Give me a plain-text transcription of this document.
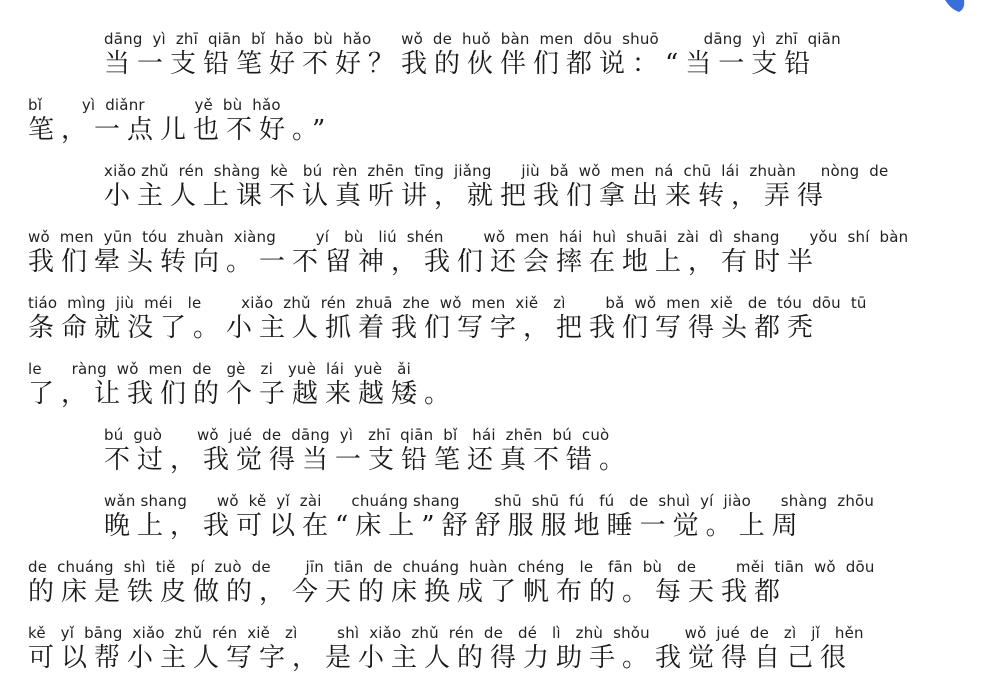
dāng  yì  zhī  qiān  bǐ  hǎo  bù  hǎo      wǒ  de  huǒ  bàn  men  dōu  shuō         dāng  yì  zhī  qiān
当一支铅笔好不好？我的伙伴们都说：“当一支铅
bǐ        yì  diǎnr          yě  bù  hǎo
笔，一点儿也不好。”
xiǎo zhǔ  rén  shàng  kè   bú  rèn  zhēn  tīng  jiǎng      jiù  bǎ  wǒ  men  ná  chū  lái  zhuàn     nòng  de
小主人上课不认真听讲，就把我们拿出来转，弄得
wǒ  men  yūn  tóu  zhuàn  xiàng        yí   bù   liú  shén        wǒ  men  hái  huì  shuāi  zài  dì  shang      yǒu  shí  bàn
我们晕头转向。一不留神，我们还会摔在地上，有时半
tiáo  mìng  jiù  méi   le        xiǎo  zhǔ  rén  zhuā  zhe  wǒ  men  xiě   zì        bǎ  wǒ  men  xiě   de  tóu  dōu  tū
条命就没了。小主人抓着我们写字，把我们写得头都秃
le      ràng  wǒ  men  de   gè   zi   yuè  lái  yuè   ǎi
了，让我们的个子越来越矮。
bú  guò       wǒ  jué  de  dāng  yì   zhī  qiān  bǐ   hái  zhēn  bú  cuò
不过，我觉得当一支铅笔还真不错。
wǎn shang      wǒ  kě  yǐ  zài      chuáng shang       shū  shū  fú   fú   de  shuì  yí  jiào      shàng  zhōu
晚上，我可以在“床上”舒舒服服地睡一觉。上周
de  chuáng  shì  tiě   pí  zuò  de       jīn  tiān  de  chuáng  huàn  chéng   le   fān  bù   de        měi  tiān  wǒ  dōu
的床是铁皮做的，今天的床换成了帆布的。每天我都
kě   yǐ  bāng  xiǎo  zhǔ  rén  xiě   zì        shì  xiǎo  zhǔ  rén  de   dé   lì   zhù  shǒu       wǒ  jué  de   zì   jǐ   hěn
可以帮小主人写字，是小主人的得力助手。我觉得自己很
